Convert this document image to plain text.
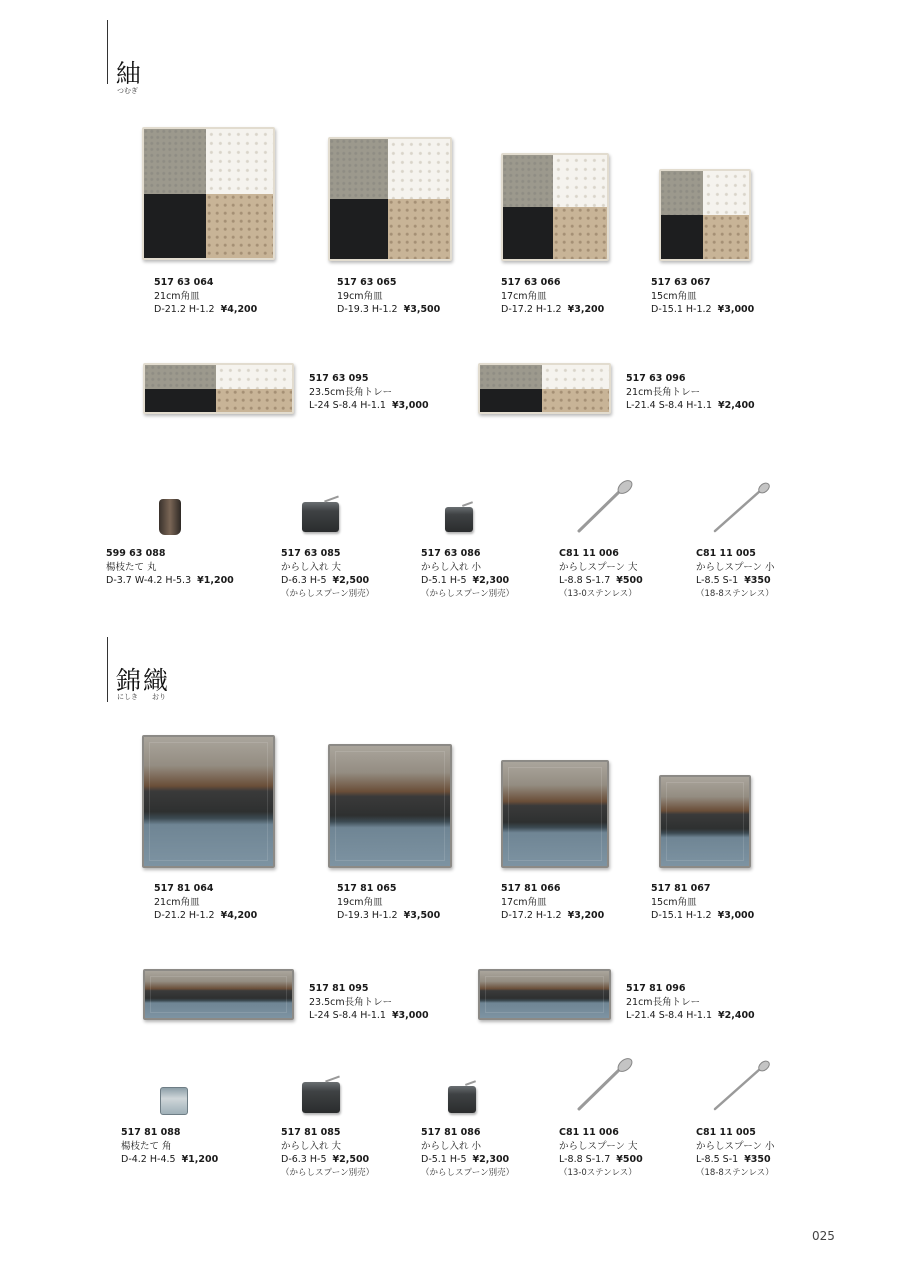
紬
つむぎ
517 63 064
21cm角皿
D-21.2 H-1.2 ¥4,200
517 63 065
19cm角皿
D-19.3 H-1.2 ¥3,500
517 63 066
17cm角皿
D-17.2 H-1.2 ¥3,200
517 63 067
15cm角皿
D-15.1 H-1.2 ¥3,000
517 63 095
23.5cm長角トレー
L-24 S-8.4 H-1.1 ¥3,000
517 63 096
21cm長角トレー
L-21.4 S-8.4 H-1.1 ¥2,400
599 63 088
楊枝たて 丸
D-3.7 W-4.2 H-5.3 ¥1,200
517 63 085
からし入れ 大
D-6.3 H-5 ¥2,500
（からしスプーン別売）
517 63 086
からし入れ 小
D-5.1 H-5 ¥2,300
（からしスプーン別売）
C81 11 006
からしスプーン 大
L-8.8 S-1.7 ¥500
（13-0ステンレス）
C81 11 005
からしスプーン 小
L-8.5 S-1 ¥350
（18-8ステンレス）
錦織
にしき　　おり
517 81 064
21cm角皿
D-21.2 H-1.2 ¥4,200
517 81 065
19cm角皿
D-19.3 H-1.2 ¥3,500
517 81 066
17cm角皿
D-17.2 H-1.2 ¥3,200
517 81 067
15cm角皿
D-15.1 H-1.2 ¥3,000
517 81 095
23.5cm長角トレー
L-24 S-8.4 H-1.1 ¥3,000
517 81 096
21cm長角トレー
L-21.4 S-8.4 H-1.1 ¥2,400
517 81 088
楊枝たて 角
D-4.2 H-4.5 ¥1,200
517 81 085
からし入れ 大
D-6.3 H-5 ¥2,500
（からしスプーン別売）
517 81 086
からし入れ 小
D-5.1 H-5 ¥2,300
（からしスプーン別売）
C81 11 006
からしスプーン 大
L-8.8 S-1.7 ¥500
（13-0ステンレス）
C81 11 005
からしスプーン 小
L-8.5 S-1 ¥350
（18-8ステンレス）
025
